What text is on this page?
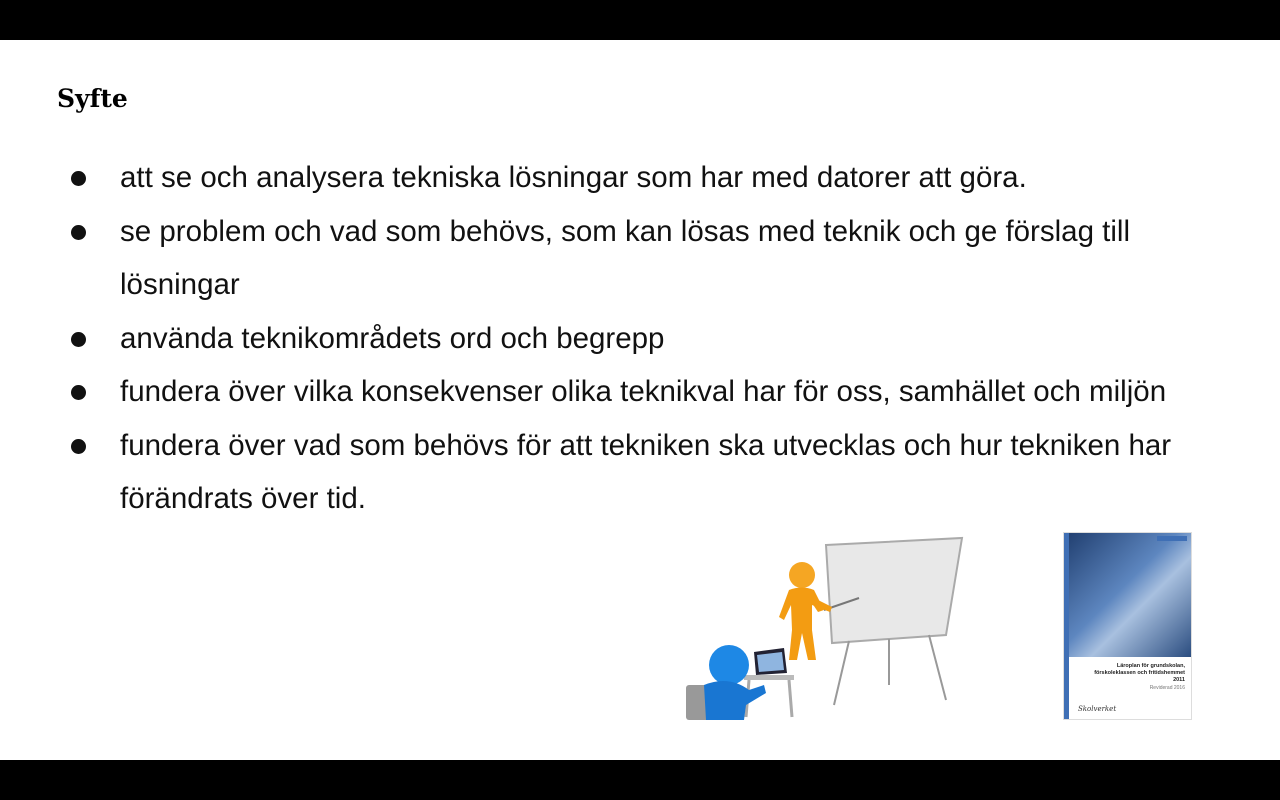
Syfte
att se och analysera tekniska lösningar som har med datorer att göra.
se problem och vad som behövs, som kan lösas med teknik och ge förslag till lösningar
använda teknikområdets ord och begrepp
fundera över vilka konsekvenser olika teknikval har för oss, samhället och miljön
fundera över vad som behövs för att tekniken ska utvecklas och hur tekniken har förändrats över tid.
Läroplan för grundskolan, förskoleklassen och fritidshemmet 2011
Reviderad 2016
Skolverket
